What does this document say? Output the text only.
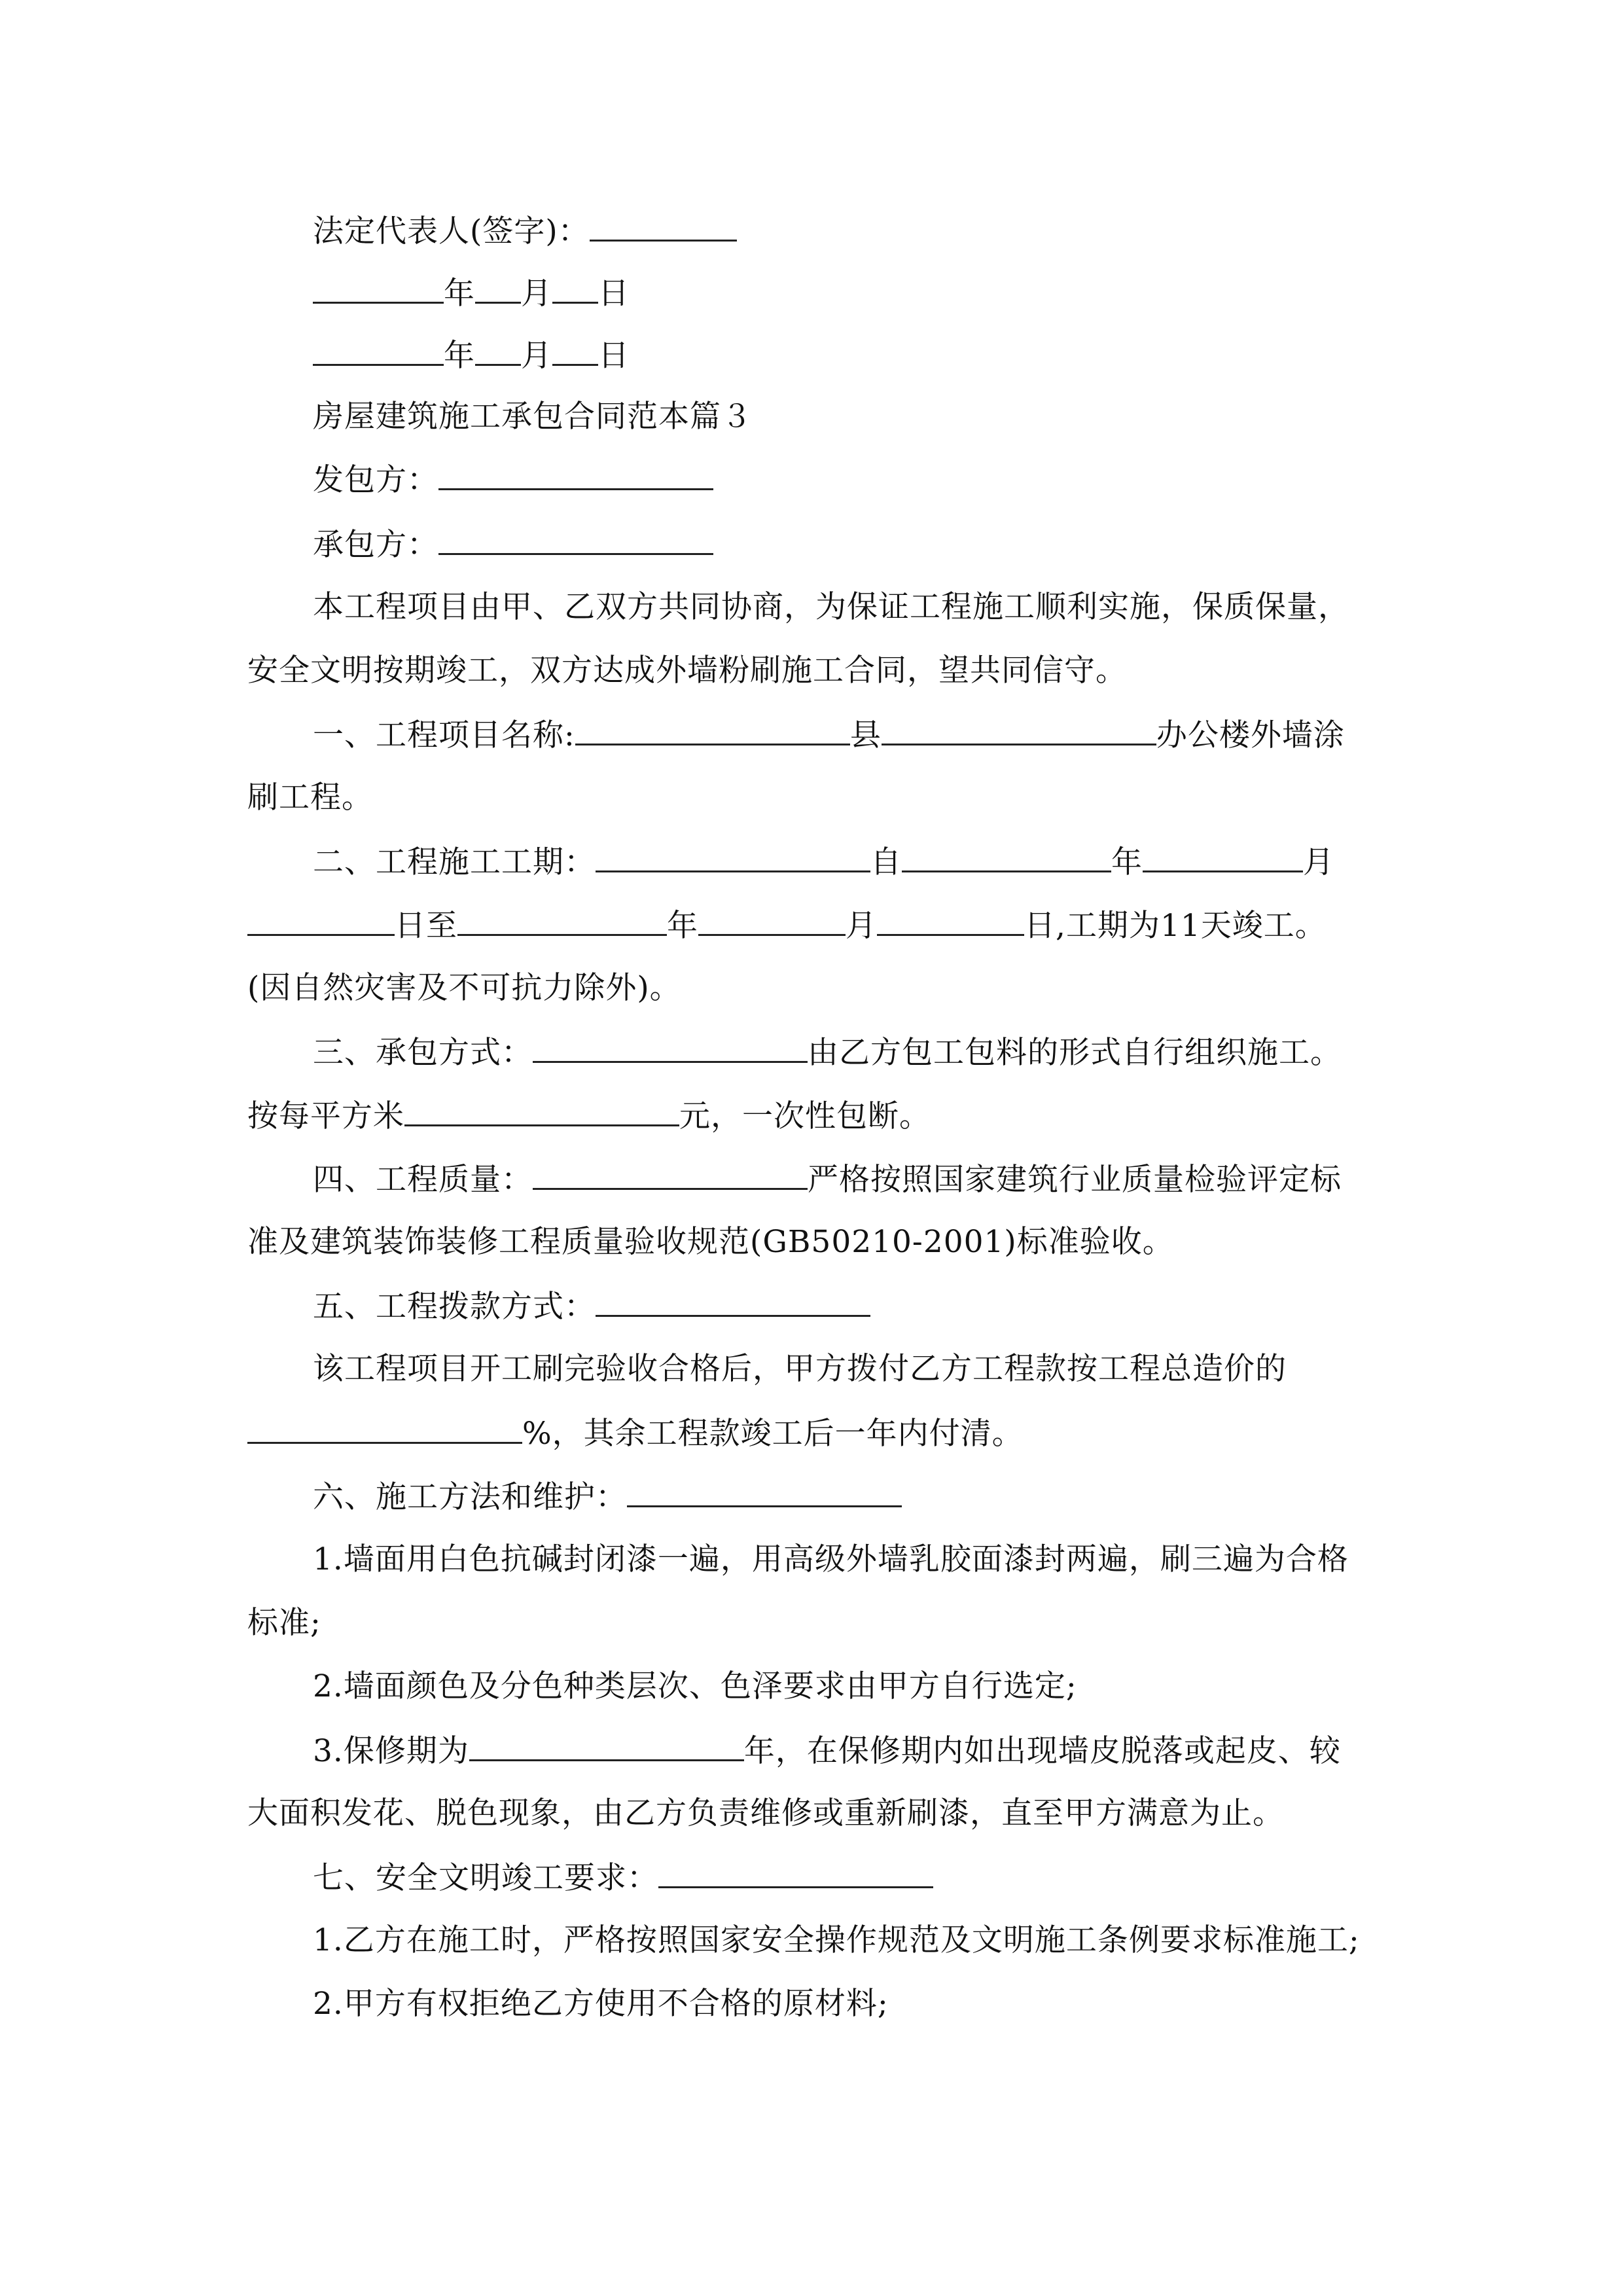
法定代表人(签字)：
年 月 日
年 月 日
房屋建筑施工承包合同范本篇３
发包方：
承包方：
本工程项目由甲、乙双方共同协商，为保证工程施工顺利实施，保质保量，
安全文明按期竣工，双方达成外墙粉刷施工合同，望共同信守。
一、工程项目名称:	县	办公楼外墙涂
刷工程。
二、工程施工工期：	自	年	月
日至	年	月	日,工期为11天竣工。
(因自然灾害及不可抗力除外)。
三、承包方式：	由乙方包工包料的形式自行组织施工。
按每平方米	元，一次性包断。
四、工程质量：	严格按照国家建筑行业质量检验评定标
准及建筑装饰装修工程质量验收规范(GB50210-2001)标准验收。
五、工程拨款方式：
该工程项目开工刷完验收合格后，甲方拨付乙方工程款按工程总造价的
%，其余工程款竣工后一年内付清。
六、施工方法和维护：
1.墙面用白色抗碱封闭漆一遍，用高级外墙乳胶面漆封两遍，刷三遍为合格
标准;
2.墙面颜色及分色种类层次、色泽要求由甲方自行选定;
3.保修期为	年，在保修期内如出现墙皮脱落或起皮、较
大面积发花、脱色现象，由乙方负责维修或重新刷漆，直至甲方满意为止。
七、安全文明竣工要求：
1.乙方在施工时，严格按照国家安全操作规范及文明施工条例要求标准施工;
2.甲方有权拒绝乙方使用不合格的原材料;
